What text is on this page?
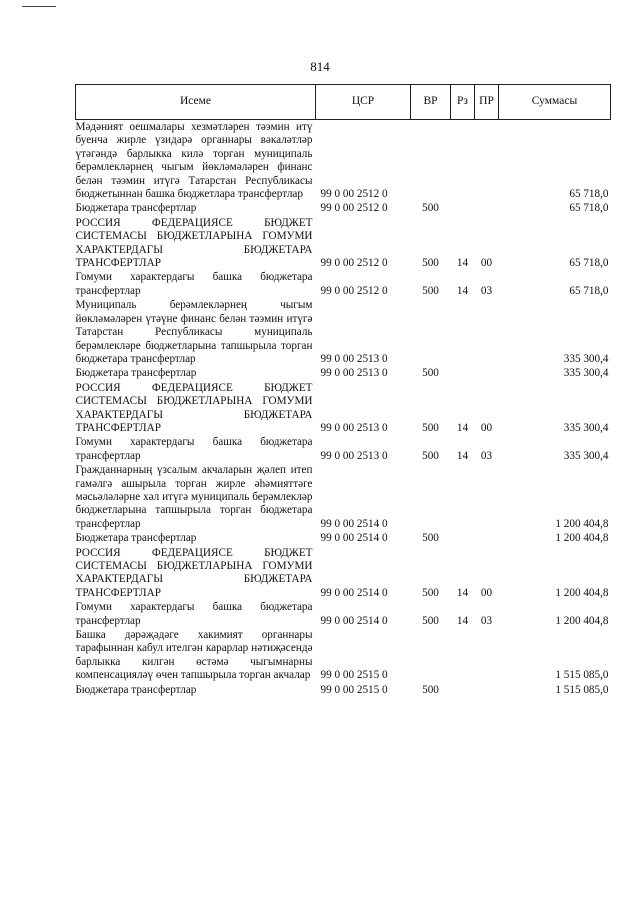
814
Исеме	ЦСР	ВР	Рз	ПР	Суммасы
Мәдәният оешмалары хезмәтләрен тәэмин итү буенча жирле үзидарә органнары вәкаләтләр үтәгәндә барлыкка килә торган муниципаль берәмлекләрнең чыгым йөкләмәләрен финанс белән тәэмин итүгә Татарстан Республикасы бюджетыннан башка бюджетлара трансфертлар	99 0 00 2512 0				65 718,0
Бюджетара трансфертлар	99 0 00 2512 0	500			65 718,0
РОССИЯ ФЕДЕРАЦИЯСЕ БЮДЖЕТ СИСТЕМАСЫ БЮДЖЕТЛАРЫНА ГОМУМИ ХАРАКТЕРДАГЫ БЮДЖЕТАРА ТРАНСФЕРТЛАР	99 0 00 2512 0	500	14	00	65 718,0
Гомуми характердагы башка бюджетара трансфертлар	99 0 00 2512 0	500	14	03	65 718,0
Муниципаль берәмлекләрнең чыгым йөкләмәләрен үтәүне финанс белән тәэмин итүгә Татарстан Республикасы муниципаль берәмлекләре бюджетларына тапшырыла торган бюджетара трансфертлар	99 0 00 2513 0				335 300,4
Бюджетара трансфертлар	99 0 00 2513 0	500			335 300,4
РОССИЯ ФЕДЕРАЦИЯСЕ БЮДЖЕТ СИСТЕМАСЫ БЮДЖЕТЛАРЫНА ГОМУМИ ХАРАКТЕРДАГЫ БЮДЖЕТАРА ТРАНСФЕРТЛАР	99 0 00 2513 0	500	14	00	335 300,4
Гомуми характердагы башка бюджетара трансфертлар	99 0 00 2513 0	500	14	03	335 300,4
Гражданнарның үзсалым акчаларын җәлеп итеп гамәлгә ашырыла торган жирле әһәмияттәге мәсьәләләрне хәл итүгә муниципаль берәмлекләр бюджетларына тапшырыла торган бюджетара трансфертлар	99 0 00 2514 0				1 200 404,8
Бюджетара трансфертлар	99 0 00 2514 0	500			1 200 404,8
РОССИЯ ФЕДЕРАЦИЯСЕ БЮДЖЕТ СИСТЕМАСЫ БЮДЖЕТЛАРЫНА ГОМУМИ ХАРАКТЕРДАГЫ БЮДЖЕТАРА ТРАНСФЕРТЛАР	99 0 00 2514 0	500	14	00	1 200 404,8
Гомуми характердагы башка бюджетара трансфертлар	99 0 00 2514 0	500	14	03	1 200 404,8
Башка дәрәҗәдәге хакимият органнары тарафыннан кабул ителгән карарлар нәтиҗәсендә барлыкка килгән өстәмә чыгымнарны компенсацияләү өчен тапшырыла торган акчалар	99 0 00 2515 0				1 515 085,0
Бюджетара трансфертлар	99 0 00 2515 0	500			1 515 085,0
